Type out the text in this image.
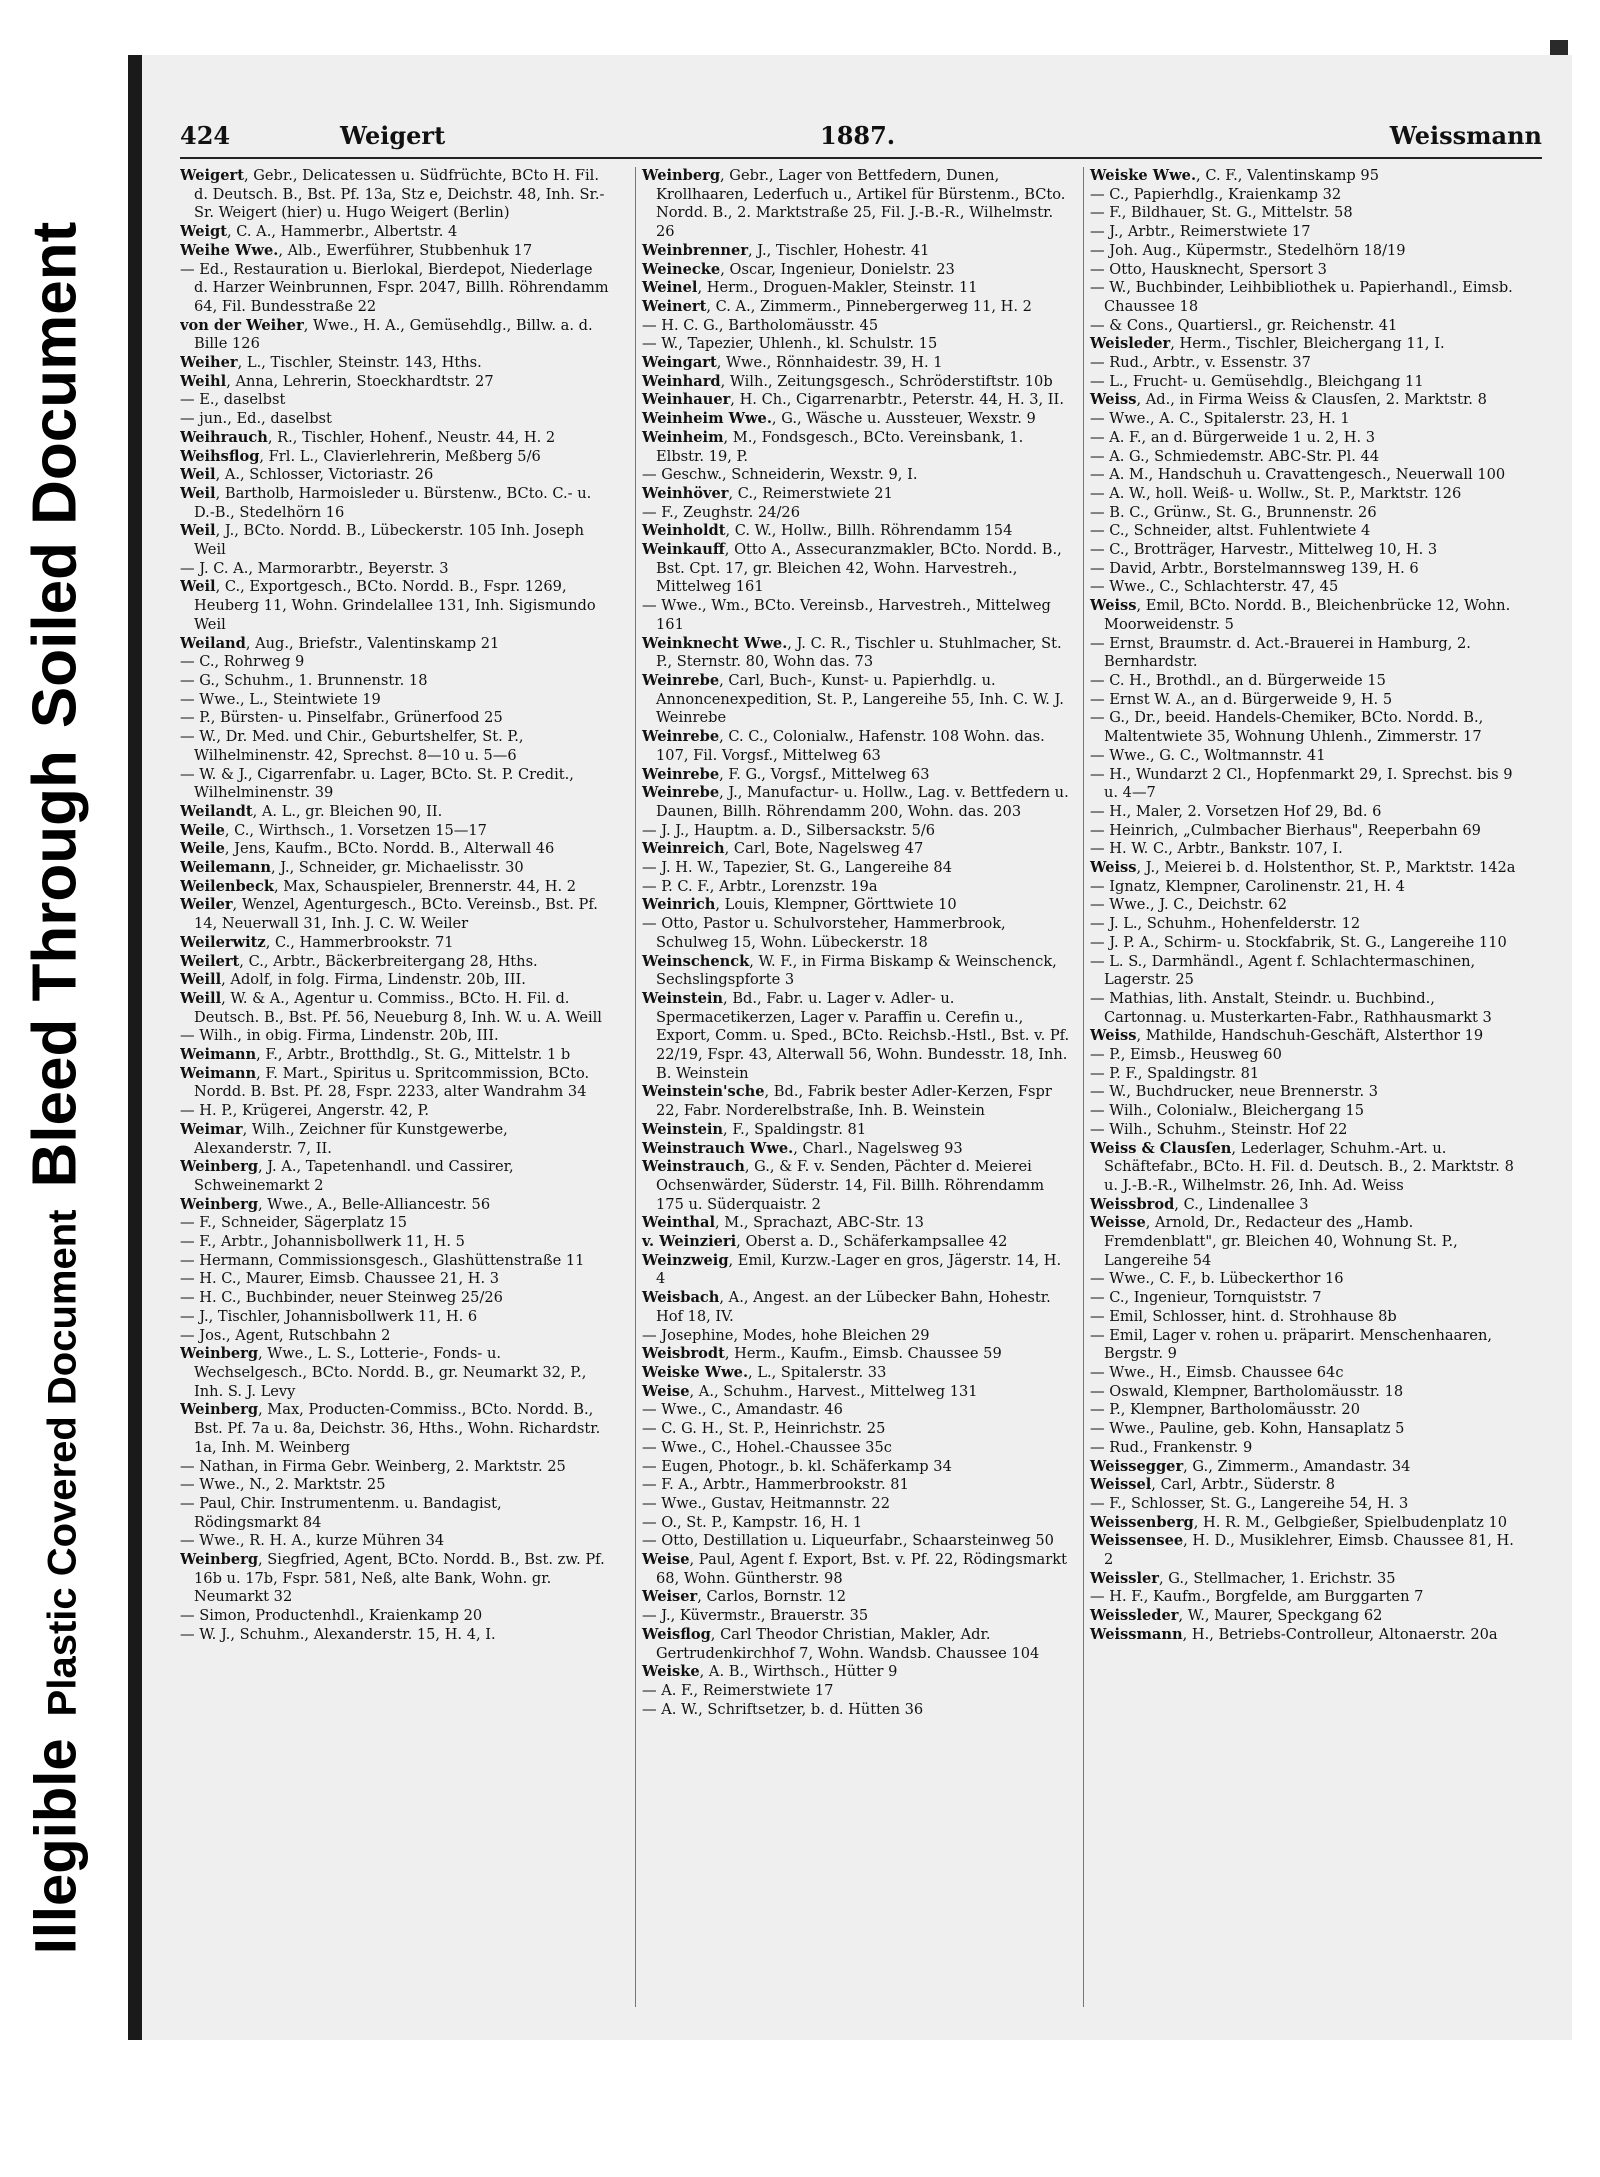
Illegible
Plastic Covered Document
Bleed Through
Soiled Document
424	Weigert	1887.	Weissmann

Weigert, Gebr., Delicatessen u. Südfrüchte, BCto H. Fil. d. Deutsch. B., Bst. Pf. 13a, Stz e, Deichstr. 48, Inh. Sr.-Sr. Weigert (hier) u. Hugo Weigert (Berlin)

Weigt, C. A., Hammerbr., Albertstr. 4

Weihe Wwe., Alb., Ewerführer, Stubbenhuk 17

— Ed., Restauration u. Bierlokal, Bierdepot, Niederlage d. Harzer Weinbrunnen, Fspr. 2047, Billh. Röhrendamm 64, Fil. Bundesstraße 22

von der Weiher, Wwe., H. A., Gemüsehdlg., Billw. a. d. Bille 126

Weiher, L., Tischler, Steinstr. 143, Hths.

Weihl, Anna, Lehrerin, Stoeckhardtstr. 27

— E., daselbst

— jun., Ed., daselbst

Weihrauch, R., Tischler, Hohenf., Neustr. 44, H. 2

Weihsflog, Frl. L., Clavierlehrerin, Meßberg 5/6

Weil, A., Schlosser, Victoriastr. 26

Weil, Bartholb, Harmoisleder u. Bürstenw., BCto. C.- u. D.-B., Stedelhörn 16

Weil, J., BCto. Nordd. B., Lübeckerstr. 105 Inh. Joseph Weil

— J. C. A., Marmorarbtr., Beyerstr. 3

Weil, C., Exportgesch., BCto. Nordd. B., Fspr. 1269, Heuberg 11, Wohn. Grindelallee 131, Inh. Sigismundo Weil

Weiland, Aug., Briefstr., Valentinskamp 21

— C., Rohrweg 9

— G., Schuhm., 1. Brunnenstr. 18

— Wwe., L., Steintwiete 19

— P., Bürsten- u. Pinselfabr., Grünerfood 25

— W., Dr. Med. und Chir., Geburtshelfer, St. P., Wilhelminenstr. 42, Sprechst. 8—10 u. 5—6

— W. & J., Cigarrenfabr. u. Lager, BCto. St. P. Credit., Wilhelminenstr. 39

Weilandt, A. L., gr. Bleichen 90, II.

Weile, C., Wirthsch., 1. Vorsetzen 15—17

Weile, Jens, Kaufm., BCto. Nordd. B., Alterwall 46

Weilemann, J., Schneider, gr. Michaelisstr. 30

Weilenbeck, Max, Schauspieler, Brennerstr. 44, H. 2

Weiler, Wenzel, Agenturgesch., BCto. Vereinsb., Bst. Pf. 14, Neuerwall 31, Inh. J. C. W. Weiler

Weilerwitz, C., Hammerbrookstr. 71

Weilert, C., Arbtr., Bäckerbreitergang 28, Hths.

Weill, Adolf, in folg. Firma, Lindenstr. 20b, III.

Weill, W. & A., Agentur u. Commiss., BCto. H. Fil. d. Deutsch. B., Bst. Pf. 56, Neueburg 8, Inh. W. u. A. Weill

— Wilh., in obig. Firma, Lindenstr. 20b, III.

Weimann, F., Arbtr., Brotthdlg., St. G., Mittelstr. 1 b

Weimann, F. Mart., Spiritus u. Spritcommission, BCto. Nordd. B. Bst. Pf. 28, Fspr. 2233, alter Wandrahm 34

— H. P., Krügerei, Angerstr. 42, P.

Weimar, Wilh., Zeichner für Kunstgewerbe, Alexanderstr. 7, II.

Weinberg, J. A., Tapetenhandl. und Cassirer, Schweinemarkt 2

Weinberg, Wwe., A., Belle-Alliancestr. 56

— F., Schneider, Sägerplatz 15

— F., Arbtr., Johannisbollwerk 11, H. 5

— Hermann, Commissionsgesch., Glashüttenstraße 11

— H. C., Maurer, Eimsb. Chaussee 21, H. 3

— H. C., Buchbinder, neuer Steinweg 25/26

— J., Tischler, Johannisbollwerk 11, H. 6

— Jos., Agent, Rutschbahn 2

Weinberg, Wwe., L. S., Lotterie-, Fonds- u. Wechselgesch., BCto. Nordd. B., gr. Neumarkt 32, P., Inh. S. J. Levy

Weinberg, Max, Producten-Commiss., BCto. Nordd. B., Bst. Pf. 7a u. 8a, Deichstr. 36, Hths., Wohn. Richardstr. 1a, Inh. M. Weinberg

— Nathan, in Firma Gebr. Weinberg, 2. Marktstr. 25

— Wwe., N., 2. Marktstr. 25

— Paul, Chir. Instrumentenm. u. Bandagist, Rödingsmarkt 84

— Wwe., R. H. A., kurze Mühren 34

Weinberg, Siegfried, Agent, BCto. Nordd. B., Bst. zw. Pf. 16b u. 17b, Fspr. 581, Neß, alte Bank, Wohn. gr. Neumarkt 32

— Simon, Productenhdl., Kraienkamp 20

— W. J., Schuhm., Alexanderstr. 15, H. 4, I.

Weinberg, Gebr., Lager von Bettfedern, Dunen, Krollhaaren, Lederfuch u., Artikel für Bürstenm., BCto. Nordd. B., 2. Marktstraße 25, Fil. J.-B.-R., Wilhelmstr. 26

Weinbrenner, J., Tischler, Hohestr. 41

Weinecke, Oscar, Ingenieur, Donielstr. 23

Weinel, Herm., Droguen-Makler, Steinstr. 11

Weinert, C. A., Zimmerm., Pinnebergerweg 11, H. 2

— H. C. G., Bartholomäusstr. 45

— W., Tapezier, Uhlenh., kl. Schulstr. 15

Weingart, Wwe., Rönnhaidestr. 39, H. 1

Weinhard, Wilh., Zeitungsgesch., Schröderstiftstr. 10b

Weinhauer, H. Ch., Cigarrenarbtr., Peterstr. 44, H. 3, II.

Weinheim Wwe., G., Wäsche u. Aussteuer, Wexstr. 9

Weinheim, M., Fondsgesch., BCto. Vereinsbank, 1. Elbstr. 19, P.

— Geschw., Schneiderin, Wexstr. 9, I.

Weinhöver, C., Reimerstwiete 21

— F., Zeughstr. 24/26

Weinholdt, C. W., Hollw., Billh. Röhrendamm 154

Weinkauff, Otto A., Assecuranzmakler, BCto. Nordd. B., Bst. Cpt. 17, gr. Bleichen 42, Wohn. Harvestreh., Mittelweg 161

— Wwe., Wm., BCto. Vereinsb., Harvestreh., Mittelweg 161

Weinknecht Wwe., J. C. R., Tischler u. Stuhlmacher, St. P., Sternstr. 80, Wohn das. 73

Weinrebe, Carl, Buch-, Kunst- u. Papierhdlg. u. Annoncenexpedition, St. P., Langereihe 55, Inh. C. W. J. Weinrebe

Weinrebe, C. C., Colonialw., Hafenstr. 108 Wohn. das. 107, Fil. Vorgsf., Mittelweg 63

Weinrebe, F. G., Vorgsf., Mittelweg 63

Weinrebe, J., Manufactur- u. Hollw., Lag. v. Bettfedern u. Daunen, Billh. Röhrendamm 200, Wohn. das. 203

— J. J., Hauptm. a. D., Silbersackstr. 5/6

Weinreich, Carl, Bote, Nagelsweg 47

— J. H. W., Tapezier, St. G., Langereihe 84

— P. C. F., Arbtr., Lorenzstr. 19a

Weinrich, Louis, Klempner, Görttwiete 10

— Otto, Pastor u. Schulvorsteher, Hammerbrook, Schulweg 15, Wohn. Lübeckerstr. 18

Weinschenck, W. F., in Firma Biskamp & Weinschenck, Sechslingspforte 3

Weinstein, Bd., Fabr. u. Lager v. Adler- u. Spermacetikerzen, Lager v. Paraffin u. Cerefin u., Export, Comm. u. Sped., BCto. Reichsb.-Hstl., Bst. v. Pf. 22/19, Fspr. 43, Alterwall 56, Wohn. Bundesstr. 18, Inh. B. Weinstein

Weinstein'sche, Bd., Fabrik bester Adler-Kerzen, Fspr 22, Fabr. Norderelbstraße, Inh. B. Weinstein

Weinstein, F., Spaldingstr. 81

Weinstrauch Wwe., Charl., Nagelsweg 93

Weinstrauch, G., & F. v. Senden, Pächter d. Meierei Ochsenwärder, Süderstr. 14, Fil. Billh. Röhrendamm 175 u. Süderquaistr. 2

Weinthal, M., Sprachazt, ABC-Str. 13

v. Weinzieri, Oberst a. D., Schäferkampsallee 42

Weinzweig, Emil, Kurzw.-Lager en gros, Jägerstr. 14, H. 4

Weisbach, A., Angest. an der Lübecker Bahn, Hohestr. Hof 18, IV.

— Josephine, Modes, hohe Bleichen 29

Weisbrodt, Herm., Kaufm., Eimsb. Chaussee 59

Weiske Wwe., L., Spitalerstr. 33

Weise, A., Schuhm., Harvest., Mittelweg 131

— Wwe., C., Amandastr. 46

— C. G. H., St. P., Heinrichstr. 25

— Wwe., C., Hohel.-Chaussee 35c

— Eugen, Photogr., b. kl. Schäferkamp 34

— F. A., Arbtr., Hammerbrookstr. 81

— Wwe., Gustav, Heitmannstr. 22

— O., St. P., Kampstr. 16, H. 1

— Otto, Destillation u. Liqueurfabr., Schaarsteinweg 50

Weise, Paul, Agent f. Export, Bst. v. Pf. 22, Rödingsmarkt 68, Wohn. Güntherstr. 98

Weiser, Carlos, Bornstr. 12

— J., Küvermstr., Brauerstr. 35

Weisflog, Carl Theodor Christian, Makler, Adr. Gertrudenkirchhof 7, Wohn. Wandsb. Chaussee 104

Weiske, A. B., Wirthsch., Hütter 9

— A. F., Reimerstwiete 17

— A. W., Schriftsetzer, b. d. Hütten 36

Weiske Wwe., C. F., Valentinskamp 95

— C., Papierhdlg., Kraienkamp 32

— F., Bildhauer, St. G., Mittelstr. 58

— J., Arbtr., Reimerstwiete 17

— Joh. Aug., Küpermstr., Stedelhörn 18/19

— Otto, Hausknecht, Spersort 3

— W., Buchbinder, Leihbibliothek u. Papierhandl., Eimsb. Chaussee 18

— & Cons., Quartiersl., gr. Reichenstr. 41

Weisleder, Herm., Tischler, Bleichergang 11, I.

— Rud., Arbtr., v. Essenstr. 37

— L., Frucht- u. Gemüsehdlg., Bleichgang 11

Weiss, Ad., in Firma Weiss & Clausſen, 2. Marktstr. 8

— Wwe., A. C., Spitalerstr. 23, H. 1

— A. F., an d. Bürgerweide 1 u. 2, H. 3

— A. G., Schmiedemstr. ABC-Str. Pl. 44

— A. M., Handschuh u. Cravattengesch., Neuerwall 100

— A. W., holl. Weiß- u. Wollw., St. P., Marktstr. 126

— B. C., Grünw., St. G., Brunnenstr. 26

— C., Schneider, altst. Fuhlentwiete 4

— C., Brotträger, Harvestr., Mittelweg 10, H. 3

— David, Arbtr., Borstelmannsweg 139, H. 6

— Wwe., C., Schlachterstr. 47, 45

Weiss, Emil, BCto. Nordd. B., Bleichenbrücke 12, Wohn. Moorweidenstr. 5

— Ernst, Braumstr. d. Act.-Brauerei in Hamburg, 2. Bernhardstr.

— C. H., Brothdl., an d. Bürgerweide 15

— Ernst W. A., an d. Bürgerweide 9, H. 5

— G., Dr., beeid. Handels-Chemiker, BCto. Nordd. B., Maltentwiete 35, Wohnung Uhlenh., Zimmerstr. 17

— Wwe., G. C., Woltmannstr. 41

— H., Wundarzt 2 Cl., Hopfenmarkt 29, I. Sprechst. bis 9 u. 4—7

— H., Maler, 2. Vorsetzen Hof 29, Bd. 6

— Heinrich, „Culmbacher Bierhaus", Reeperbahn 69

— H. W. C., Arbtr., Bankstr. 107, I.

Weiss, J., Meierei b. d. Holstenthor, St. P., Marktstr. 142a

— Ignatz, Klempner, Carolinenstr. 21, H. 4

— Wwe., J. C., Deichstr. 62

— J. L., Schuhm., Hohenfelderstr. 12

— J. P. A., Schirm- u. Stockfabrik, St. G., Langereihe 110

— L. S., Darmhändl., Agent f. Schlachtermaschinen, Lagerstr. 25

— Mathias, lith. Anstalt, Steindr. u. Buchbind., Cartonnag. u. Musterkarten-Fabr., Rathhausmarkt 3

Weiss, Mathilde, Handschuh-Geschäft, Alsterthor 19

— P., Eimsb., Heusweg 60

— P. F., Spaldingstr. 81

— W., Buchdrucker, neue Brennerstr. 3

— Wilh., Colonialw., Bleichergang 15

— Wilh., Schuhm., Steinstr. Hof 22

Weiss & Clausſen, Lederlager, Schuhm.-Art. u. Schäftefabr., BCto. H. Fil. d. Deutsch. B., 2. Marktstr. 8 u. J.-B.-R., Wilhelmstr. 26, Inh. Ad. Weiss

Weissbrod, C., Lindenallee 3

Weisse, Arnold, Dr., Redacteur des „Hamb. Fremdenblatt", gr. Bleichen 40, Wohnung St. P., Langereihe 54

— Wwe., C. F., b. Lübeckerthor 16

— C., Ingenieur, Tornquiststr. 7

— Emil, Schlosser, hint. d. Strohhause 8b

— Emil, Lager v. rohen u. präparirt. Menschenhaaren, Bergstr. 9

— Wwe., H., Eimsb. Chaussee 64c

— Oswald, Klempner, Bartholomäusstr. 18

— P., Klempner, Bartholomäusstr. 20

— Wwe., Pauline, geb. Kohn, Hansaplatz 5

— Rud., Frankenstr. 9

Weissegger, G., Zimmerm., Amandastr. 34

Weissel, Carl, Arbtr., Süderstr. 8

— F., Schlosser, St. G., Langereihe 54, H. 3

Weissenberg, H. R. M., Gelbgießer, Spielbudenplatz 10

Weissensee, H. D., Musiklehrer, Eimsb. Chaussee 81, H. 2

Weissler, G., Stellmacher, 1. Erichstr. 35

— H. F., Kaufm., Borgfelde, am Burggarten 7

Weissleder, W., Maurer, Speckgang 62

Weissmann, H., Betriebs-Controlleur, Altonaerstr. 20a
